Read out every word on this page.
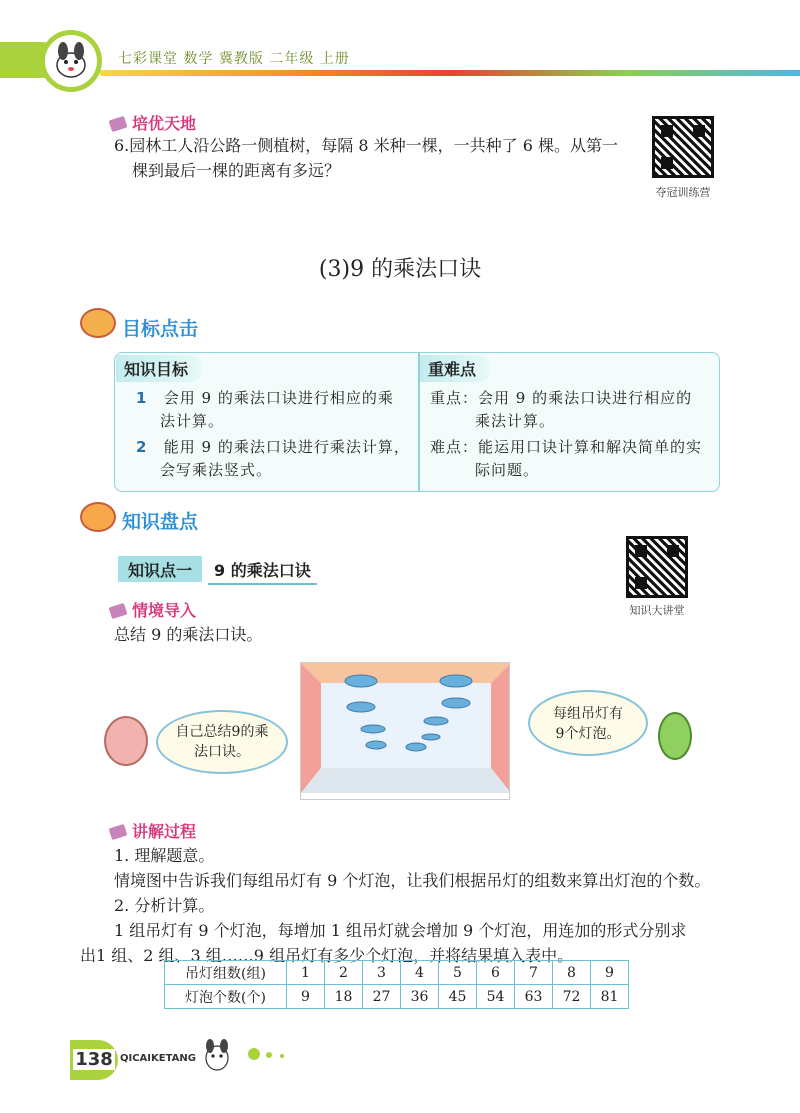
七彩课堂 数学 冀教版 二年级 上册
培优天地
6.园林工人沿公路一侧植树，每隔 8 米种一棵，一共种了 6 棵。从第一
棵到最后一棵的距离有多远？
夺冠训练营
(3)9 的乘法口诀
目标点击
知识目标	重难点
1 会用 9 的乘法口诀进行相应的乘
法计算。
2 能用 9 的乘法口诀进行乘法计算，
会写乘法竖式。
重点：会用 9 的乘法口诀进行相应的
乘法计算。
难点：能运用口诀计算和解决简单的实
际问题。
知识盘点
知识点一	9 的乘法口诀
知识大讲堂
情境导入
总结 9 的乘法口诀。
自己总结9的乘法口诀。
每组吊灯有9个灯泡。
讲解过程
1. 理解题意。
情境图中告诉我们每组吊灯有 9 个灯泡，让我们根据吊灯的组数来算出灯泡的个数。
2. 分析计算。
1 组吊灯有 9 个灯泡，每增加 1 组吊灯就会增加 9 个灯泡，用连加的形式分别求
出1 组、2 组、3 组……9 组吊灯有多少个灯泡，并将结果填入表中。
吊灯组数(组)	1	2	3	4	5	6	7	8	9
灯泡个数(个)	9	18	27	36	45	54	63	72	81
138 QICAIKETANG
